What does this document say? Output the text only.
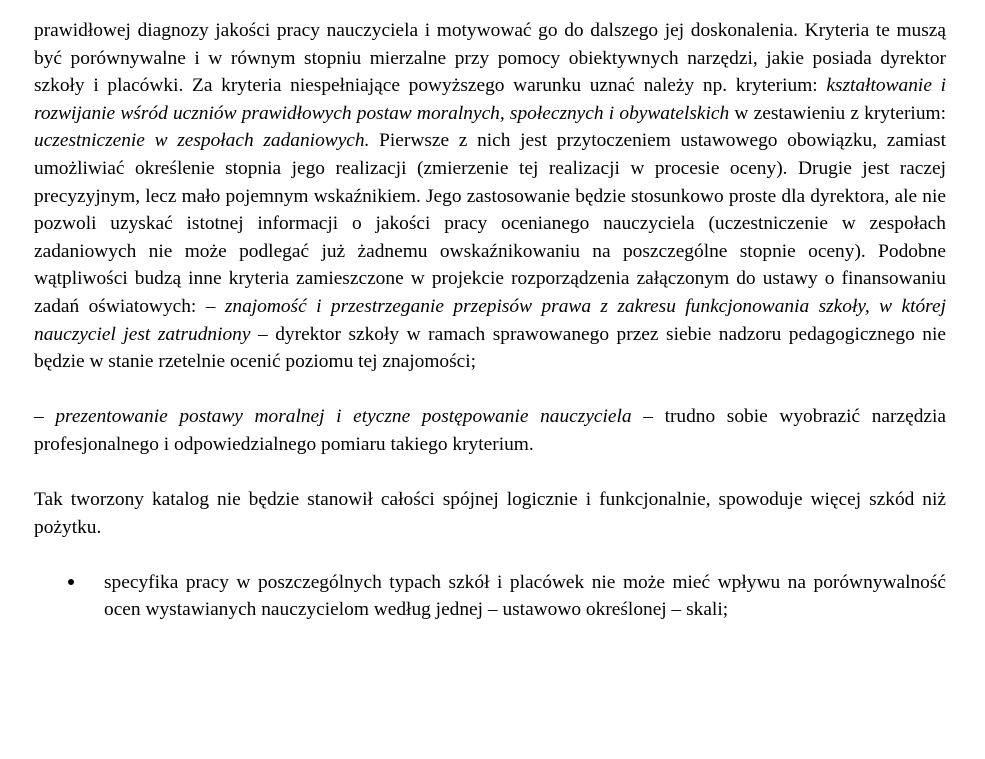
prawidłowej diagnozy jakości pracy nauczyciela i motywować go do dalszego jej doskonalenia. Kryteria te muszą być porównywalne i w równym stopniu mierzalne przy pomocy obiektywnych narzędzi, jakie posiada dyrektor szkoły i placówki. Za kryteria niespełniające powyższego warunku uznać należy np. kryterium: kształtowanie i rozwijanie wśród uczniów prawidłowych postaw moralnych, społecznych i obywatelskich w zestawieniu z kryterium: uczestniczenie w zespołach zadaniowych. Pierwsze z nich jest przytoczeniem ustawowego obowiązku, zamiast umożliwiać określenie stopnia jego realizacji (zmierzenie tej realizacji w procesie oceny). Drugie jest raczej precyzyjnym, lecz mało pojemnym wskaźnikiem. Jego zastosowanie będzie stosunkowo proste dla dyrektora, ale nie pozwoli uzyskać istotnej informacji o jakości pracy ocenianego nauczyciela (uczestniczenie w zespołach zadaniowych nie może podlegać już żadnemu owskaźnikowaniu na poszczególne stopnie oceny). Podobne wątpliwości budzą inne kryteria zamieszczone w projekcie rozporządzenia załączonym do ustawy o finansowaniu zadań oświatowych: – znajomość i przestrzeganie przepisów prawa z zakresu funkcjonowania szkoły, w której nauczyciel jest zatrudniony – dyrektor szkoły w ramach sprawowanego przez siebie nadzoru pedagogicznego nie będzie w stanie rzetelnie ocenić poziomu tej znajomości;

– prezentowanie postawy moralnej i etyczne postępowanie nauczyciela – trudno sobie wyobrazić narzędzia profesjonalnego i odpowiedzialnego pomiaru takiego kryterium.

Tak tworzony katalog nie będzie stanowił całości spójnej logicznie i funkcjonalnie, spowoduje więcej szkód niż pożytku.

specyfika pracy w poszczególnych typach szkół i placówek nie może mieć wpływu na porównywalność ocen wystawianych nauczycielom według jednej – ustawowo określonej – skali;
